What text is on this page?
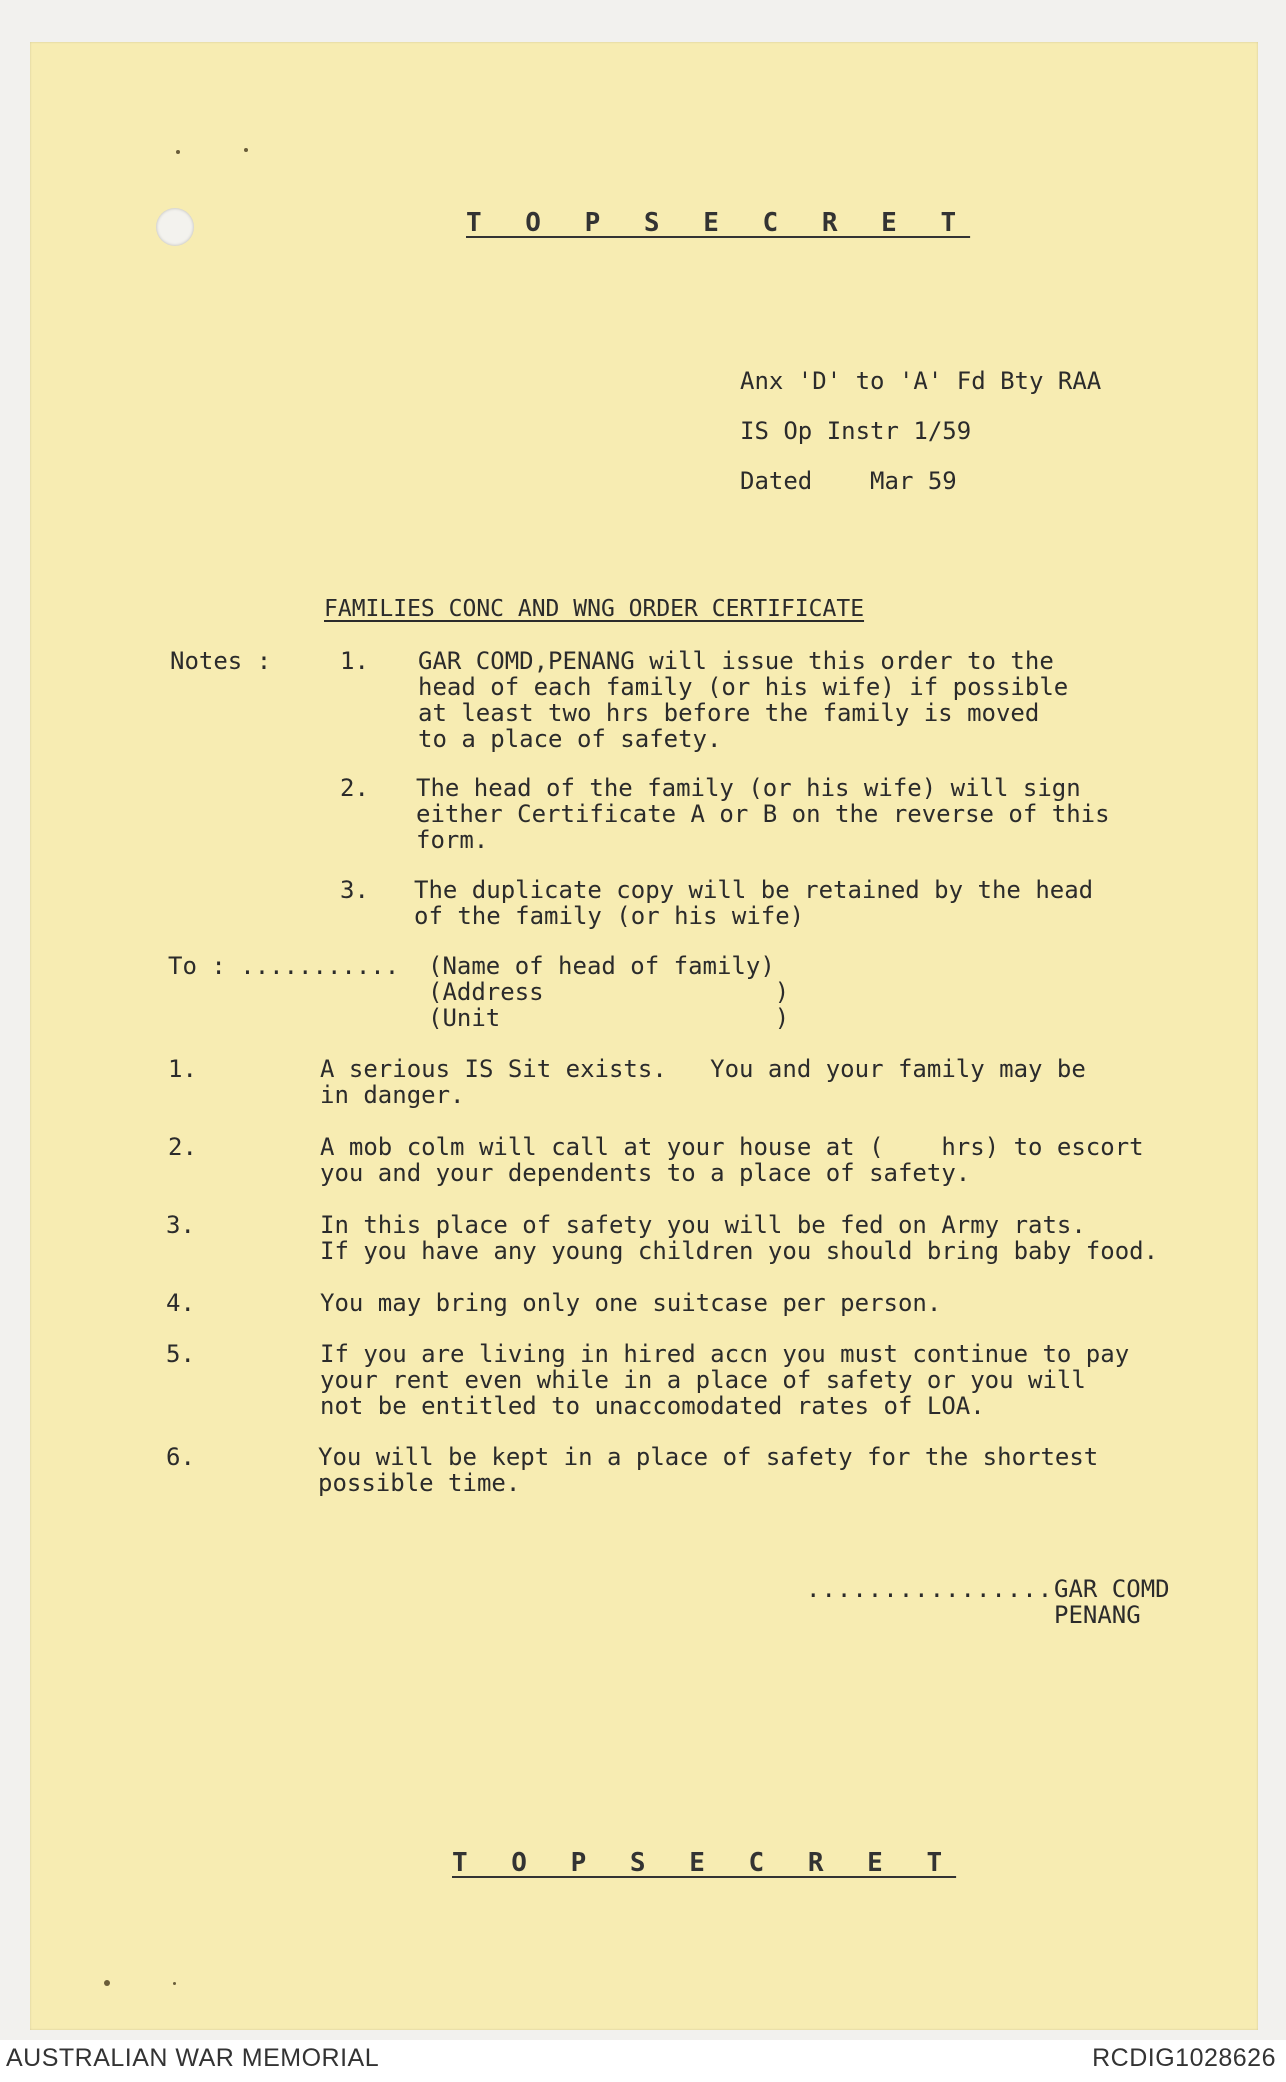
T O P S E C R E T
Anx 'D' to 'A' Fd Bty RAA
IS Op Instr 1/59
Dated    Mar 59
FAMILIES CONC AND WNG ORDER CERTIFICATE
Notes :	1. GAR COMD,PENANG will issue this order to the
head of each family (or his wife) if possible
at least two hrs before the family is moved
to a place of safety.
2. The head of the family (or his wife) will sign
either Certificate A or B on the reverse of this
form.
3. The duplicate copy will be retained by the head
of the family (or his wife)
To : ........... (Name of head of family)
(Address                )
(Unit                   )
1.	A serious IS Sit exists.   You and your family may be
in danger.
2.	A mob colm will call at your house at (    hrs) to escort
you and your dependents to a place of safety.
3.	In this place of safety you will be fed on Army rats.
If you have any young children you should bring baby food.
4.	You may bring only one suitcase per person.
5.	If you are living in hired accn you must continue to pay
your rent even while in a place of safety or you will
not be entitled to unaccomodated rates of LOA.
6.	You will be kept in a place of safety for the shortest
possible time.
................ GAR COMD
PENANG
T O P S E C R E T
AUSTRALIAN WAR MEMORIAL	RCDIG1028626
